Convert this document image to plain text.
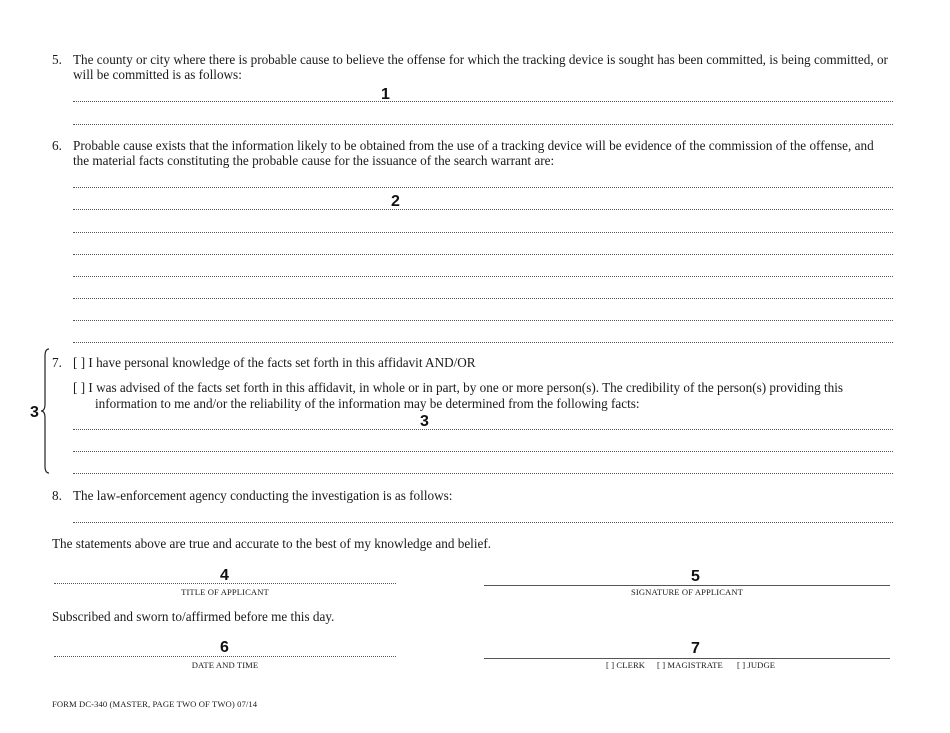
5. The county or city where there is probable cause to believe the offense for which the tracking device is sought has been committed, is being committed, or
will be committed is as follows:
1
6. Probable cause exists that the information likely to be obtained from the use of a tracking device will be evidence of the commission of the offense, and
the material facts constituting the probable cause for the issuance of the search warrant are:
2
3
7. [ ] I have personal knowledge of the facts set forth in this affidavit AND/OR
[ ] I was advised of the facts set forth in this affidavit, in whole or in part, by one or more person(s). The credibility of the person(s) providing this
information to me and/or the reliability of the information may be determined from the following facts:
3
8. The law-enforcement agency conducting the investigation is as follows:
The statements above are true and accurate to the best of my knowledge and belief.
4
TITLE OF APPLICANT
5
SIGNATURE OF APPLICANT
Subscribed and sworn to/affirmed before me this day.
6
DATE AND TIME
7
[ ] CLERK [ ] MAGISTRATE [ ] JUDGE
FORM DC-340 (MASTER, PAGE TWO OF TWO) 07/14
